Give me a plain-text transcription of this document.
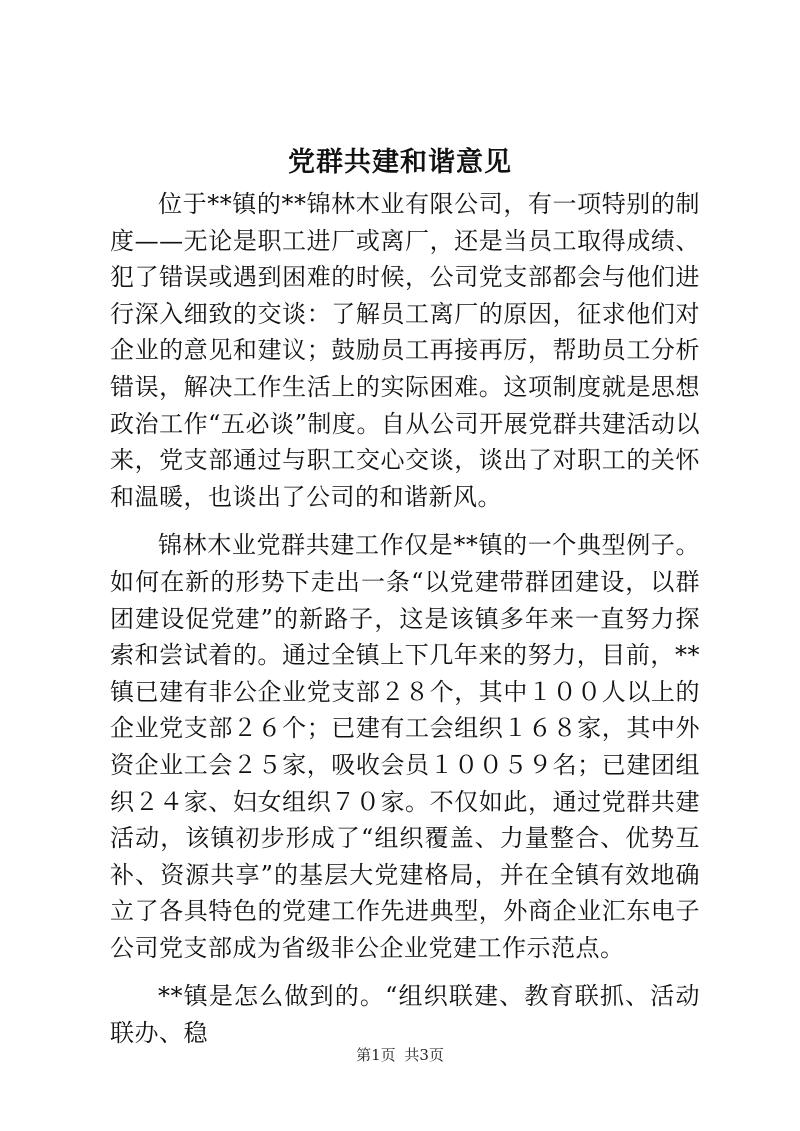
党群共建和谐意见

位于**镇的**锦林木业有限公司，有一项特别的制度——无论是职工进厂或离厂，还是当员工取得成绩、犯了错误或遇到困难的时候，公司党支部都会与他们进行深入细致的交谈：了解员工离厂的原因，征求他们对企业的意见和建议；鼓励员工再接再厉，帮助员工分析错误，解决工作生活上的实际困难。这项制度就是思想政治工作“五必谈”制度。自从公司开展党群共建活动以来，党支部通过与职工交心交谈，谈出了对职工的关怀和温暖，也谈出了公司的和谐新风。

锦林木业党群共建工作仅是**镇的一个典型例子。如何在新的形势下走出一条“以党建带群团建设，以群团建设促党建”的新路子，这是该镇多年来一直努力探索和尝试着的。通过全镇上下几年来的努力，目前，**镇已建有非公企业党支部２８个，其中１００人以上的企业党支部２６个；已建有工会组织１６８家，其中外资企业工会２５家，吸收会员１００５９名；已建团组织２４家、妇女组织７０家。不仅如此，通过党群共建活动，该镇初步形成了“组织覆盖、力量整合、优势互补、资源共享”的基层大党建格局，并在全镇有效地确立了各具特色的党建工作先进典型，外商企业汇东电子公司党支部成为省级非公企业党建工作示范点。

**镇是怎么做到的。“组织联建、教育联抓、活动联办、稳

第1页 共3页
